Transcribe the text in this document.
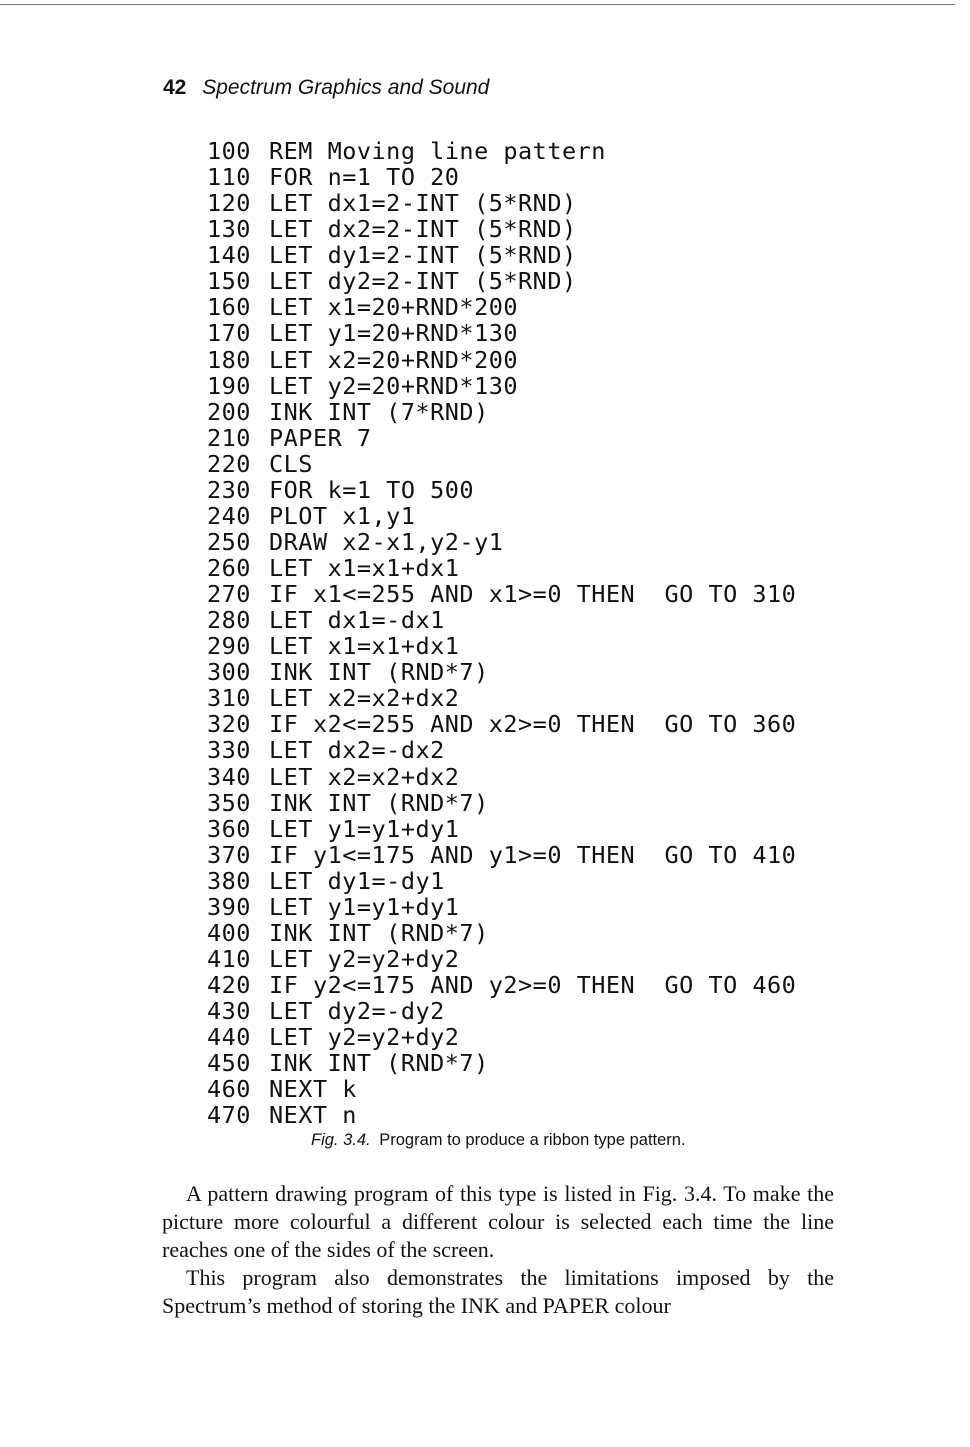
42 Spectrum Graphics and Sound
100 REM Moving line pattern
110 FOR n=1 TO 20
120 LET dx1=2-INT (5*RND)
130 LET dx2=2-INT (5*RND)
140 LET dy1=2-INT (5*RND)
150 LET dy2=2-INT (5*RND)
160 LET x1=20+RND*200
170 LET y1=20+RND*130
180 LET x2=20+RND*200
190 LET y2=20+RND*130
200 INK INT (7*RND)
210 PAPER 7
220 CLS
230 FOR k=1 TO 500
240 PLOT x1,y1
250 DRAW x2-x1,y2-y1
260 LET x1=x1+dx1
270 IF x1<=255 AND x1>=0 THEN  GO TO 310
280 LET dx1=-dx1
290 LET x1=x1+dx1
300 INK INT (RND*7)
310 LET x2=x2+dx2
320 IF x2<=255 AND x2>=0 THEN  GO TO 360
330 LET dx2=-dx2
340 LET x2=x2+dx2
350 INK INT (RND*7)
360 LET y1=y1+dy1
370 IF y1<=175 AND y1>=0 THEN  GO TO 410
380 LET dy1=-dy1
390 LET y1=y1+dy1
400 INK INT (RND*7)
410 LET y2=y2+dy2
420 IF y2<=175 AND y2>=0 THEN  GO TO 460
430 LET dy2=-dy2
440 LET y2=y2+dy2
450 INK INT (RND*7)
460 NEXT k
470 NEXT n
Fig. 3.4. Program to produce a ribbon type pattern.

A pattern drawing program of this type is listed in Fig. 3.4. To make the picture more colourful a different colour is selected each time the line reaches one of the sides of the screen.

This program also demonstrates the limitations imposed by the Spectrum’s method of storing the INK and PAPER colour
